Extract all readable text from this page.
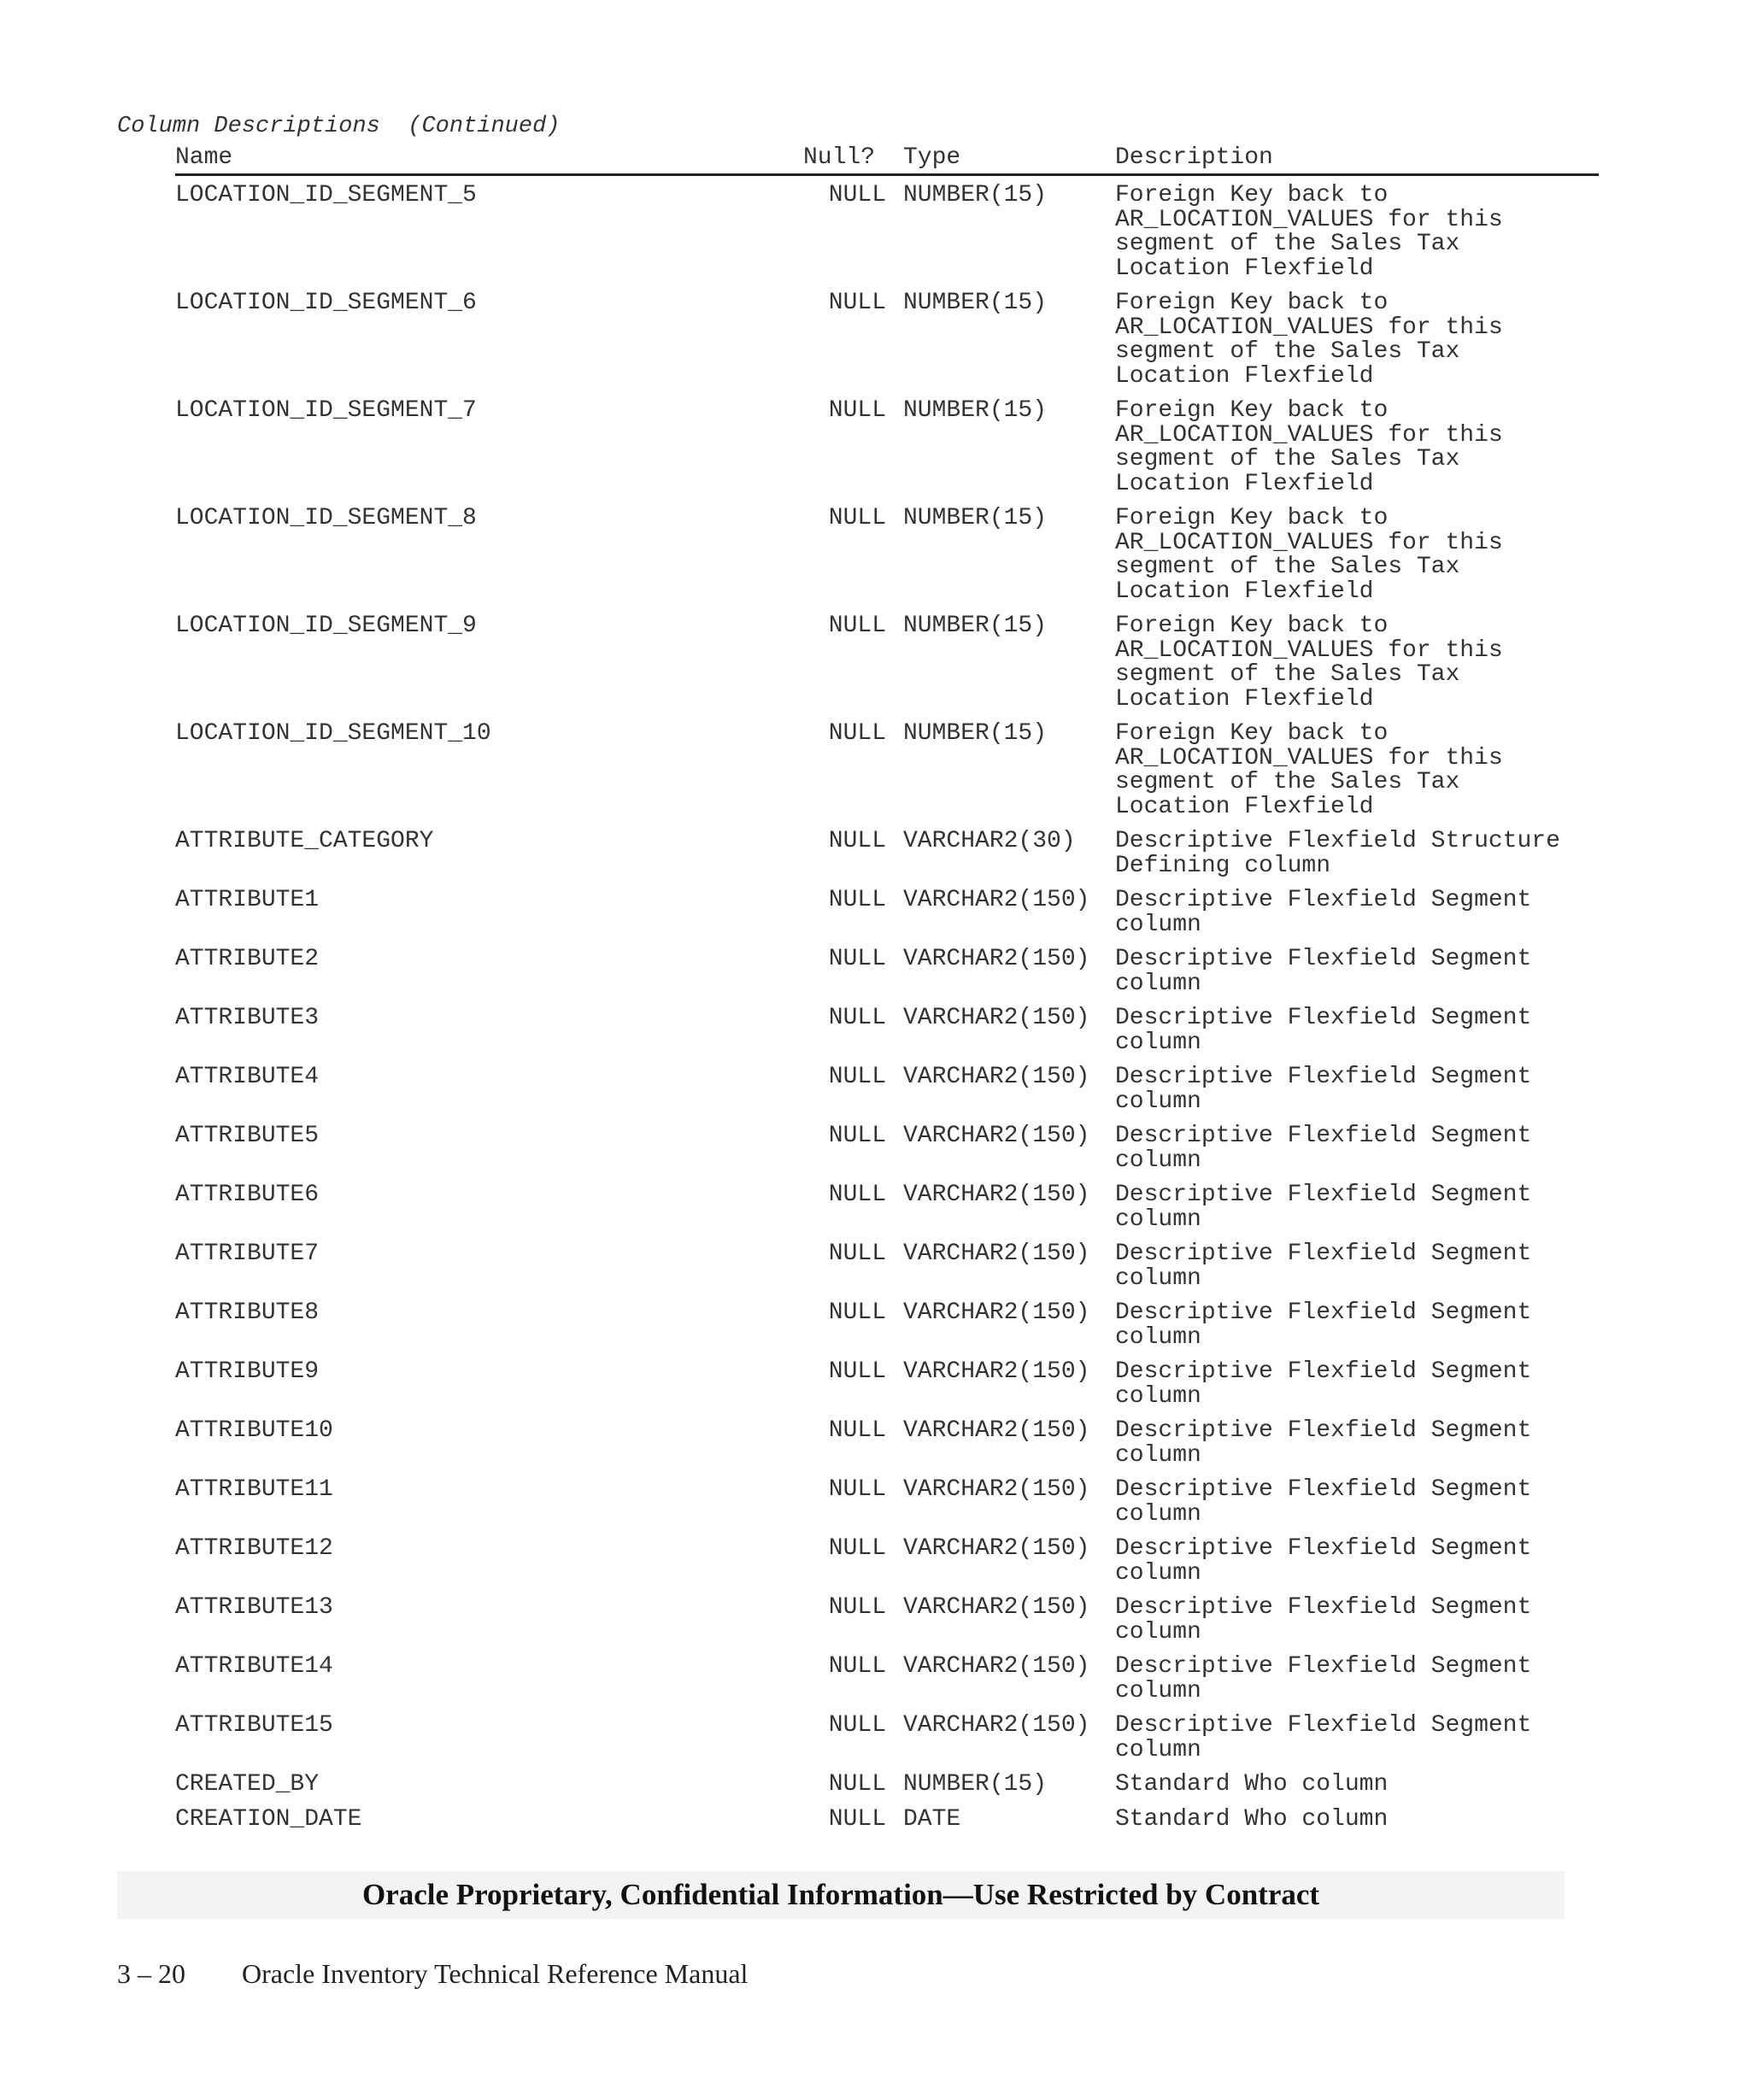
Column Descriptions  (Continued)
Name	Null? Type	Description
LOCATION_ID_SEGMENT_5	NULL NUMBER(15)	Foreign Key back to
AR_LOCATION_VALUES for this
segment of the Sales Tax
Location Flexfield
LOCATION_ID_SEGMENT_6	NULL NUMBER(15)	Foreign Key back to
AR_LOCATION_VALUES for this
segment of the Sales Tax
Location Flexfield
LOCATION_ID_SEGMENT_7	NULL NUMBER(15)	Foreign Key back to
AR_LOCATION_VALUES for this
segment of the Sales Tax
Location Flexfield
LOCATION_ID_SEGMENT_8	NULL NUMBER(15)	Foreign Key back to
AR_LOCATION_VALUES for this
segment of the Sales Tax
Location Flexfield
LOCATION_ID_SEGMENT_9	NULL NUMBER(15)	Foreign Key back to
AR_LOCATION_VALUES for this
segment of the Sales Tax
Location Flexfield
LOCATION_ID_SEGMENT_10	NULL NUMBER(15)	Foreign Key back to
AR_LOCATION_VALUES for this
segment of the Sales Tax
Location Flexfield
ATTRIBUTE_CATEGORY	NULL VARCHAR2(30) Descriptive Flexfield Structure
Defining column
ATTRIBUTE1	NULL VARCHAR2(150) Descriptive Flexfield Segment
column
ATTRIBUTE2	NULL VARCHAR2(150) Descriptive Flexfield Segment
column
ATTRIBUTE3	NULL VARCHAR2(150) Descriptive Flexfield Segment
column
ATTRIBUTE4	NULL VARCHAR2(150) Descriptive Flexfield Segment
column
ATTRIBUTE5	NULL VARCHAR2(150) Descriptive Flexfield Segment
column
ATTRIBUTE6	NULL VARCHAR2(150) Descriptive Flexfield Segment
column
ATTRIBUTE7	NULL VARCHAR2(150) Descriptive Flexfield Segment
column
ATTRIBUTE8	NULL VARCHAR2(150) Descriptive Flexfield Segment
column
ATTRIBUTE9	NULL VARCHAR2(150) Descriptive Flexfield Segment
column
ATTRIBUTE10	NULL VARCHAR2(150) Descriptive Flexfield Segment
column
ATTRIBUTE11	NULL VARCHAR2(150) Descriptive Flexfield Segment
column
ATTRIBUTE12	NULL VARCHAR2(150) Descriptive Flexfield Segment
column
ATTRIBUTE13	NULL VARCHAR2(150) Descriptive Flexfield Segment
column
ATTRIBUTE14	NULL VARCHAR2(150) Descriptive Flexfield Segment
column
ATTRIBUTE15	NULL VARCHAR2(150) Descriptive Flexfield Segment
column
CREATED_BY	NULL NUMBER(15)	Standard Who column
CREATION_DATE	NULL DATE	Standard Who column
Oracle Proprietary, Confidential Information––Use Restricted by Contract
3 – 20 Oracle Inventory Technical Reference Manual
